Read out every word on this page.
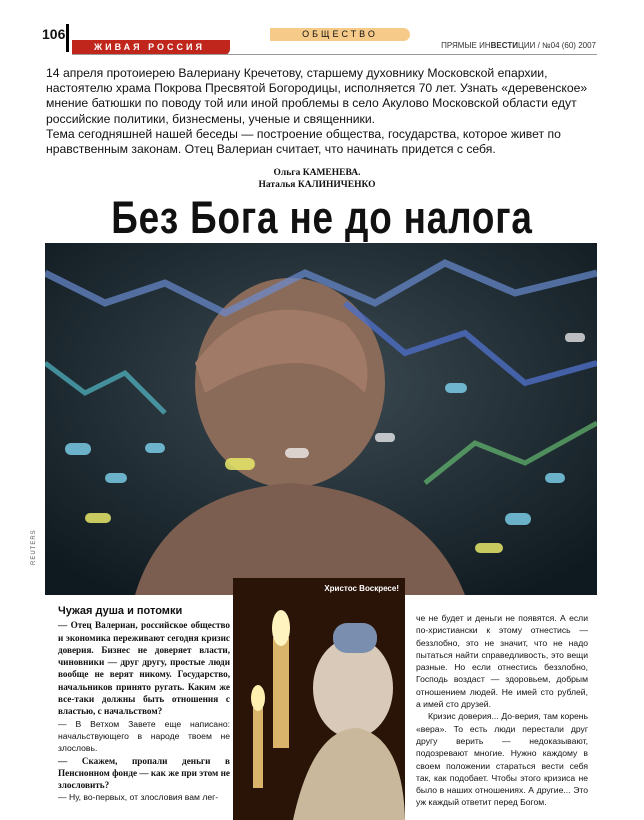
106	ОБЩЕСТВО
ЖИВАЯ РОССИЯ	ПРЯМЫЕ ИНВЕСТИЦИИ / №04 (60) 2007

14 апреля протоиерею Валериану Кречетову, старшему духовнику Московской епархии, настоятелю храма Покрова Пресвятой Богородицы, исполняется 70 лет. Узнать «деревенское» мнение батюшки по поводу той или иной проблемы в село Акулово Московской области едут российские политики, бизнесмены, ученые и священники.

Тема сегодняшней нашей беседы — построение общества, государства, которое живет по нравственным законам. Отец Валериан считает, что начинать придется с себя.

Ольга КАМЕНЕВА.
Наталья КАЛИНИЧЕНКО
Без Бога не до налога
REUTERS
Чужая душа и потомки

— Отец Валериан, российское общество и экономика переживают сегодня кризис доверия. Бизнес не доверяет власти, чиновники — друг другу, простые люди вообще не верят никому. Государство, начальников принято ругать. Каким же все-таки должны быть отношения с властью, с начальством?

— В Ветхом Завете еще написано: начальствующего в народе твоем не злословь.

— Скажем, пропали деньги в Пенсионном фонде — как же при этом не злословить?

— Ну, во-первых, от злословия вам лег-

Христос Воскресе!

че не будет и деньги не появятся. А если по-христиански к этому отнестись — беззлобно, это не значит, что не надо пытаться найти справедливость, это вещи разные. Но если отнестись беззлобно, Господь воздаст — здоровьем, добрым отношением людей. Не имей сто рублей, а имей сто друзей.

Кризис доверия... До-верия, там корень «вера». То есть люди перестали друг другу верить — недоказывают, подозревают многие. Нужно каждому в своем положении стараться вести себя так, как подобает. Чтобы этого кризиса не было в наших отношениях. А другие... Это уж каждый ответит перед Богом.
